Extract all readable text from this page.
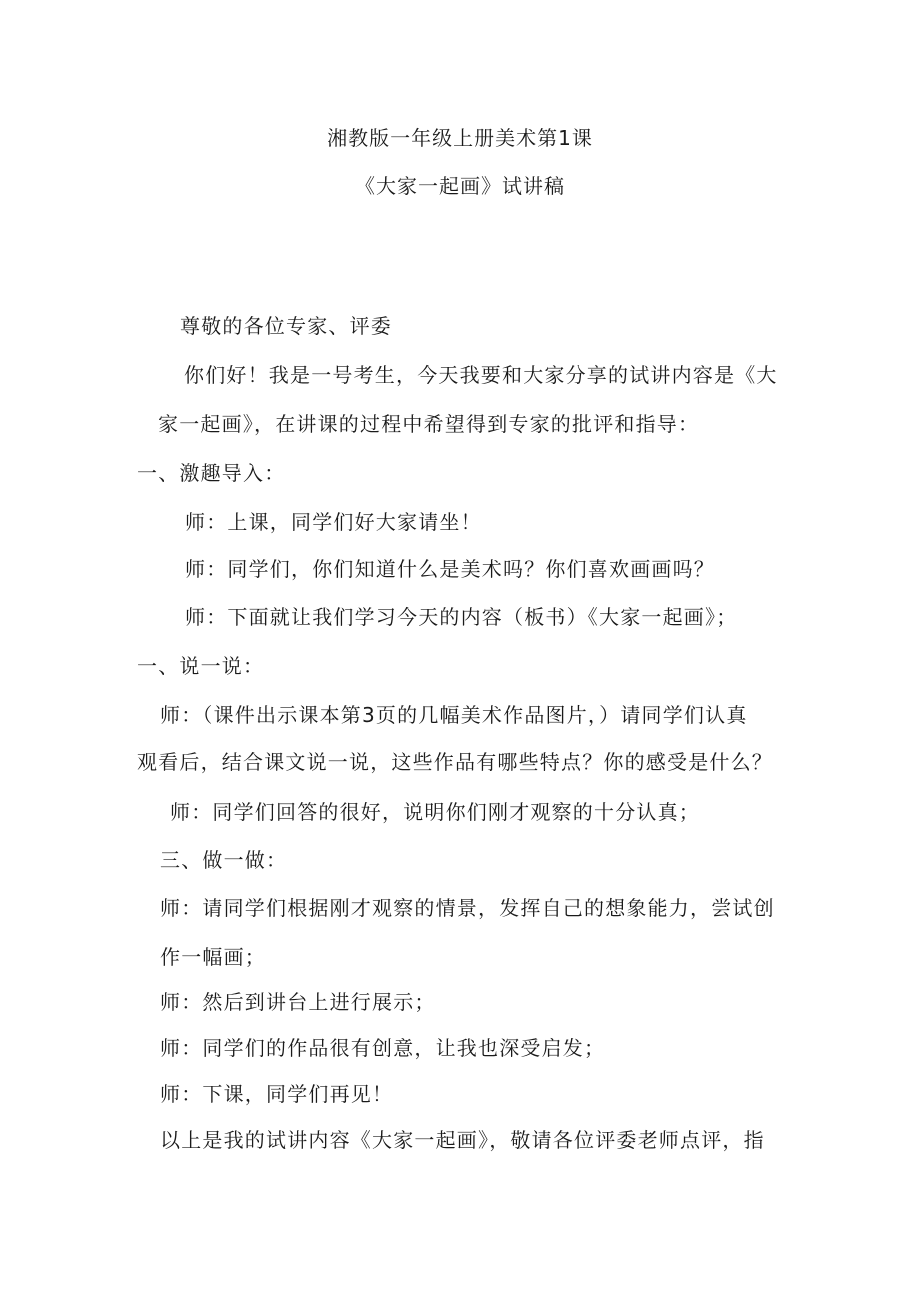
湘教版一年级上册美术第1课
《大家一起画》试讲稿
尊敬的各位专家、评委
你们好！我是一号考生，今天我要和大家分享的试讲内容是《大
家一起画》，在讲课的过程中希望得到专家的批评和指导：
一、激趣导入：
师：上课，同学们好大家请坐！
师：同学们，你们知道什么是美术吗？你们喜欢画画吗？
师：下面就让我们学习今天的内容（板书）《大家一起画》；
一、说一说：
师：（课件出示课本第3页的几幅美术作品图片，）请同学们认真
观看后，结合课文说一说，这些作品有哪些特点？你的感受是什么？
师：同学们回答的很好，说明你们刚才观察的十分认真；
三、做一做：
师：请同学们根据刚才观察的情景，发挥自己的想象能力，尝试创
作一幅画；
师：然后到讲台上进行展示；
师：同学们的作品很有创意，让我也深受启发；
师：下课，同学们再见！
以上是我的试讲内容《大家一起画》，敬请各位评委老师点评，指
